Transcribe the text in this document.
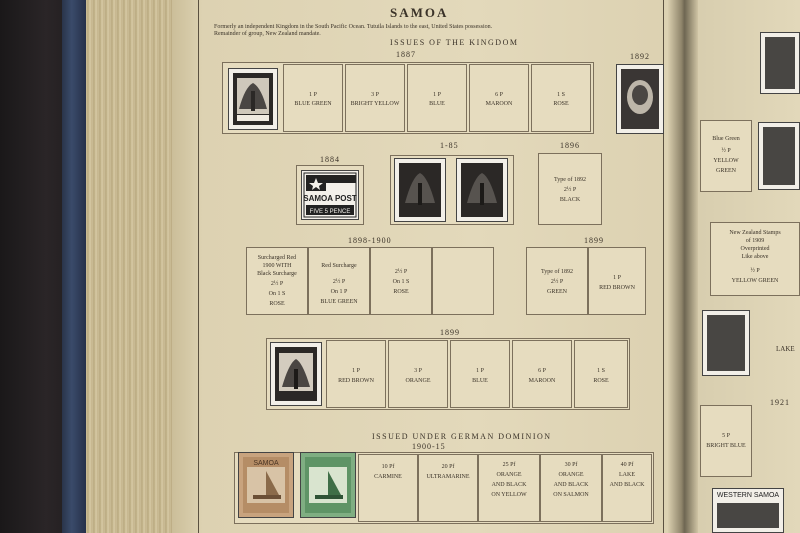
SAMOA
Formerly an independent Kingdom in the South Pacific Ocean. Tutuila Islands to the east, United States possession.
Remainder of group, New Zealand mandate.
ISSUES OF THE KINGDOM
1887	1892
1 P
BLUE GREEN
3 P
BRIGHT YELLOW
1 P
BLUE
6 P
MAROON
1 S
ROSE
1884
1-85	1896
SAMOA POST
FIVE 5 PENCE
Type of 1892
2½ P
BLACK
1898-1900	1899
Surcharged Red
1900 WITH
Black Surcharge
2½ P
On 1 S
ROSE
Red Surcharge
2½ P
On 1 P
BLUE GREEN
2½ P
On 1 S
ROSE
Type of 1892
2½ P
GREEN
1 P
RED BROWN
1899
1 P
RED BROWN
3 P
ORANGE
1 P
BLUE
6 P
MAROON
1 S
ROSE
ISSUED UNDER GERMAN DOMINION
1900-15
SAMOA	10 Pf
CARMINE
20 Pf
ULTRAMARINE
25 Pf
ORANGE
AND BLACK
ON YELLOW
30 Pf
ORANGE
AND BLACK
ON SALMON
40 Pf
LAKE
AND BLACK
Blue Green
½ P
YELLOW
GREEN
New Zealand Stamps
of 1909
Overprinted
Like above
½ P
YELLOW GREEN
LAKE
1921
5 P
BRIGHT BLUE
WESTERN SAMOA
